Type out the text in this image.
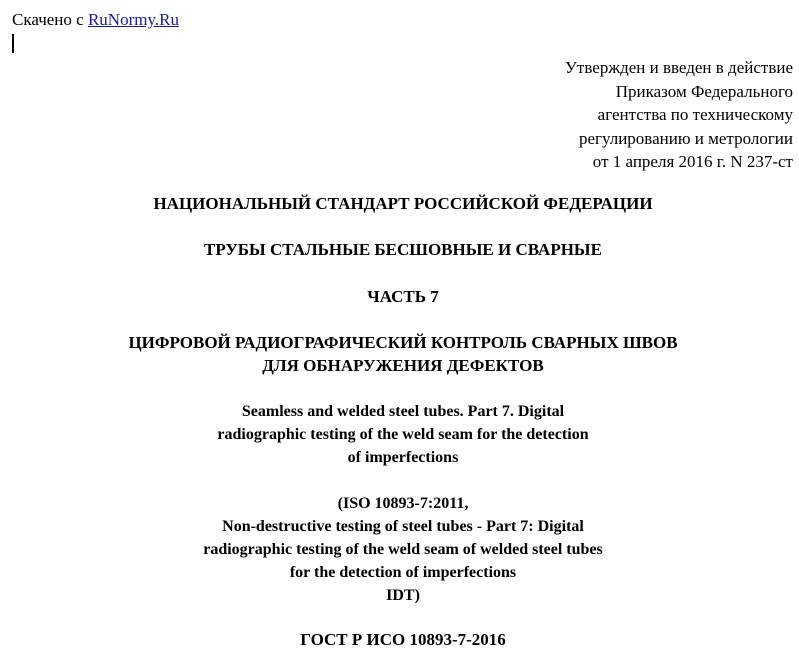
Скачено с RuNormy.Ru
Утвержден и введен в действие
Приказом Федерального
агентства по техническому
регулированию и метрологии
от 1 апреля 2016 г. N 237-ст
НАЦИОНАЛЬНЫЙ СТАНДАРТ РОССИЙСКОЙ ФЕДЕРАЦИИ
ТРУБЫ СТАЛЬНЫЕ БЕСШОВНЫЕ И СВАРНЫЕ
ЧАСТЬ 7
ЦИФРОВОЙ РАДИОГРАФИЧЕСКИЙ КОНТРОЛЬ СВАРНЫХ ШВОВ
ДЛЯ ОБНАРУЖЕНИЯ ДЕФЕКТОВ
Seamless and welded steel tubes. Part 7. Digital
radiographic testing of the weld seam for the detection
of imperfections
(ISO 10893-7:2011,
Non-destructive testing of steel tubes - Part 7: Digital
radiographic testing of the weld seam of welded steel tubes
for the detection of imperfections
IDT)
ГОСТ Р ИСО 10893-7-2016
